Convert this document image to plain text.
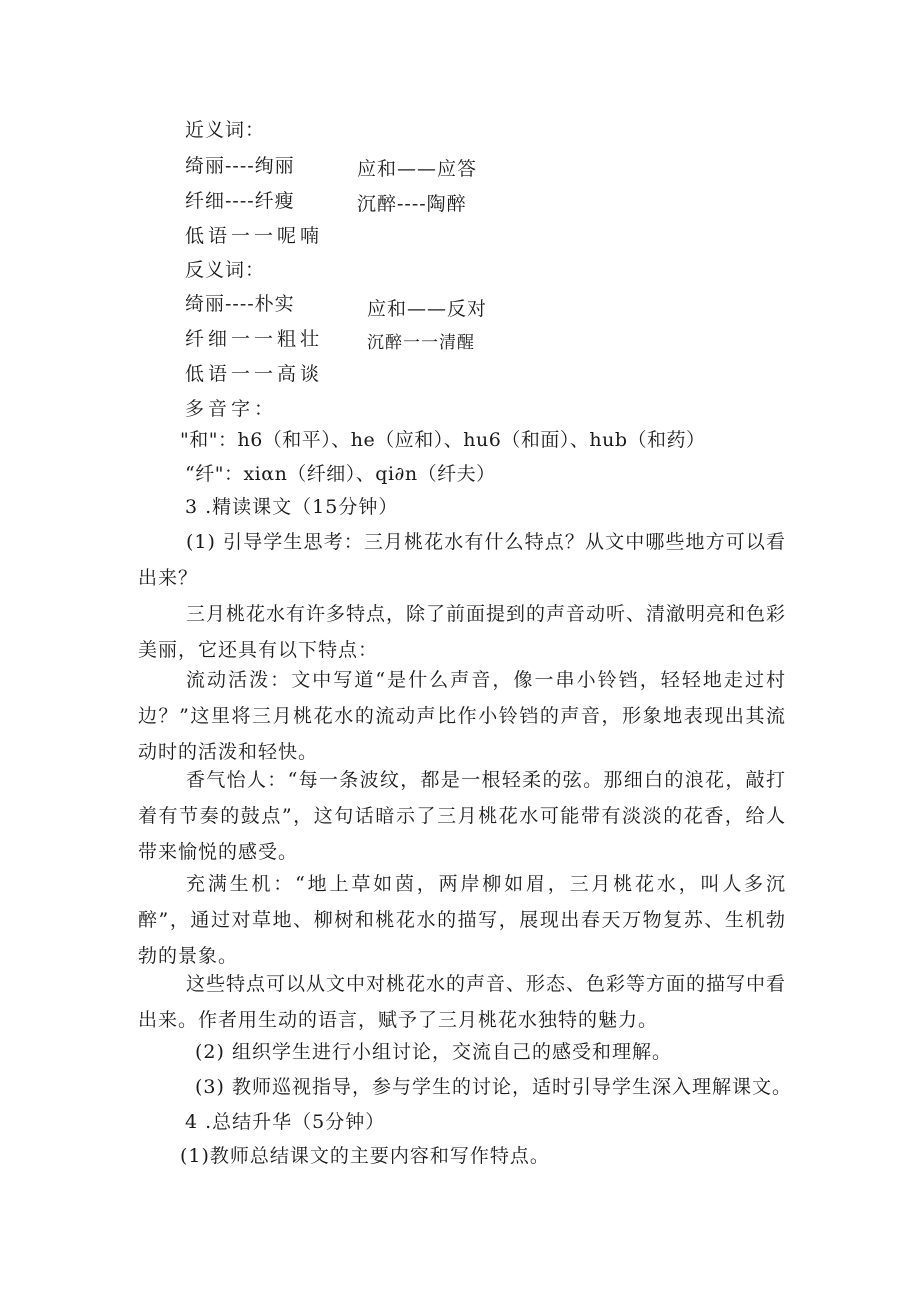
近义词：
绮丽----绚丽	应和——应答
纤细----纤瘦	沉醉----陶醉
低语一一呢喃
反义词：
绮丽----朴实	应和——反对
纤细一一粗壮	沉醉一一清醒
低语一一高谈
多音字：
"和"：h6（和平）、he（应和）、hu6（和面）、hub（和药）
“纤"：xiαn（纤细）、qi∂n（纤夫）
3 .精读课文（15分钟）
(1) 引导学生思考：三月桃花水有什么特点？从文中哪些地方可以看出来？
三月桃花水有许多特点，除了前面提到的声音动听、清澈明亮和色彩美丽，它还具有以下特点：
流动活泼：文中写道“是什么声音，像一串小铃铛，轻轻地走过村边？”这里将三月桃花水的流动声比作小铃铛的声音，形象地表现出其流动时的活泼和轻快。
香气怡人：“每一条波纹，都是一根轻柔的弦。那细白的浪花，敲打着有节奏的鼓点”，这句话暗示了三月桃花水可能带有淡淡的花香，给人带来愉悦的感受。
充满生机：“地上草如茵，两岸柳如眉，三月桃花水，叫人多沉醉”，通过对草地、柳树和桃花水的描写，展现出春天万物复苏、生机勃勃的景象。
这些特点可以从文中对桃花水的声音、形态、色彩等方面的描写中看出来。作者用生动的语言，赋予了三月桃花水独特的魅力。
(2) 组织学生进行小组讨论，交流自己的感受和理解。
(3) 教师巡视指导，参与学生的讨论，适时引导学生深入理解课文。
4 .总结升华（5分钟）
(1)教师总结课文的主要内容和写作特点。
